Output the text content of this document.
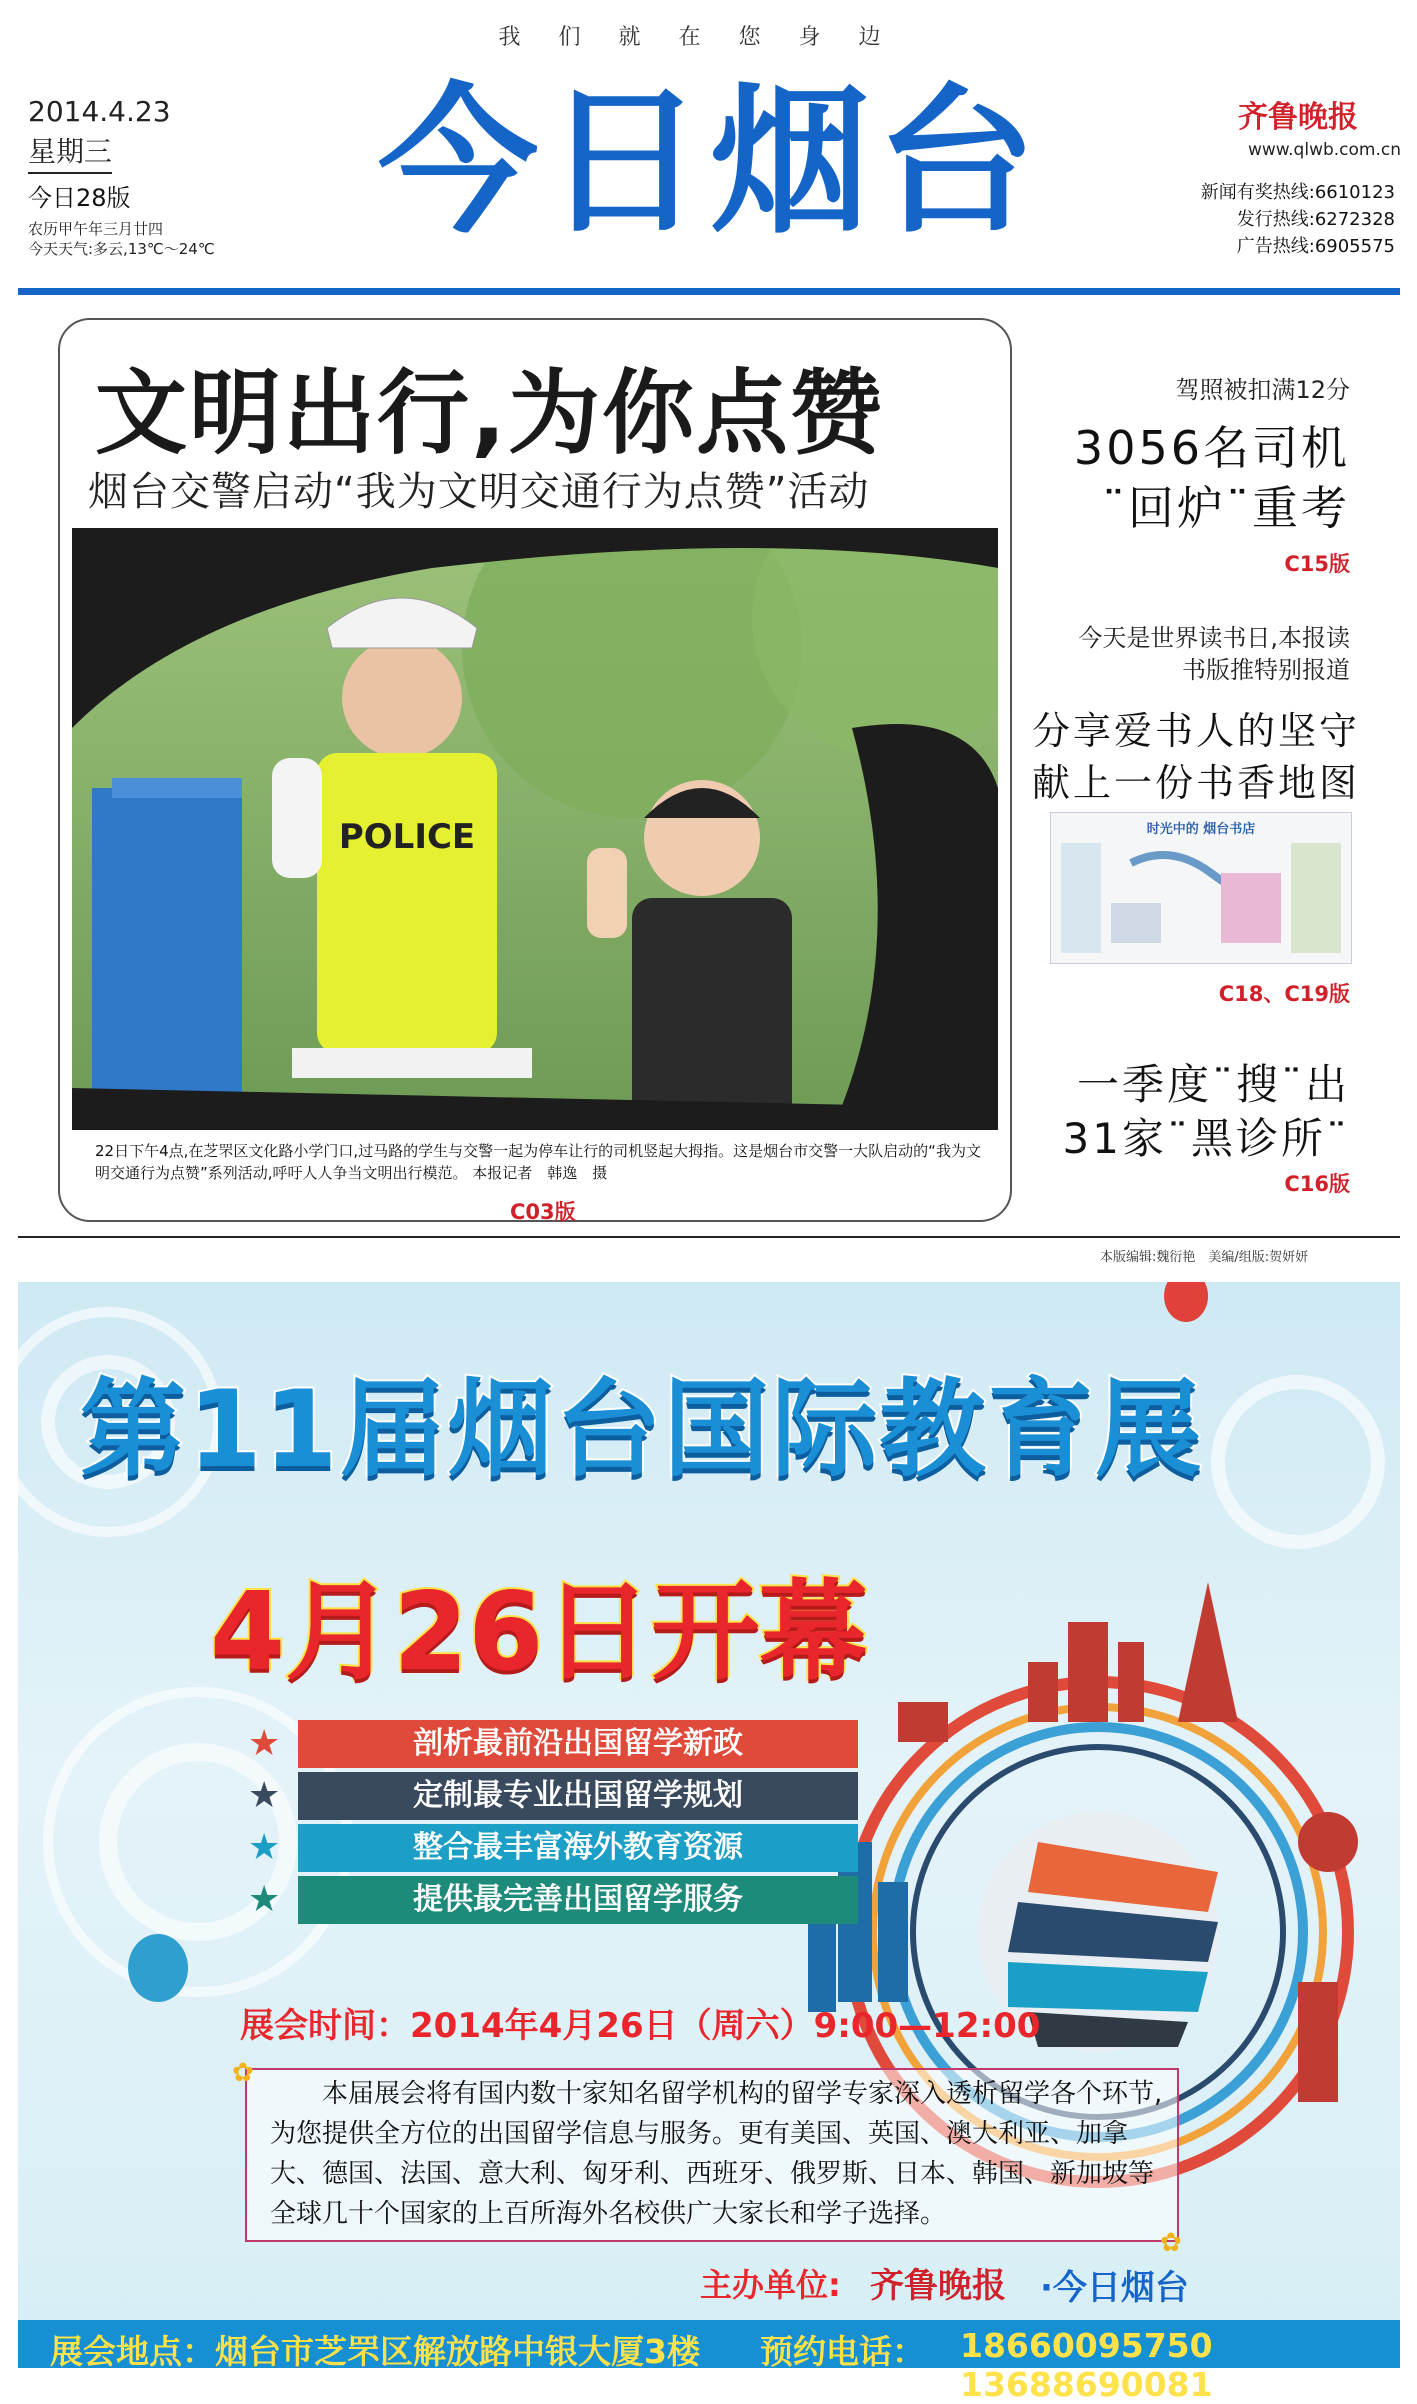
我们就在您身边
2014.4.23
星期三
今日28版
农历甲午年三月廿四
今天天气:多云,13℃～24℃ 今日烟台	齐鲁晚报
www.qlwb.com.cn
新闻有奖热线:6610123
发行热线:6272328
广告热线:6905575
文明出行,为你点赞
烟台交警启动“我为文明交通行为点赞”活动
POLICE
22日下午4点,在芝罘区文化路小学门口,过马路的学生与交警一起为停车让行的司机竖起大拇指。这是烟台市交警一大队启动的“我为文明交通行为点赞”系列活动,呼吁人人争当文明出行模范。 本报记者　韩逸　摄
C03版
驾照被扣满12分
3056名司机
¨回炉¨重考
C15版
今天是世界读书日,本报读书版推特别报道
分享爱书人的坚守
献上一份书香地图
时光中的 烟台书店
C18、C19版
一季度¨搜¨出
31家¨黑诊所¨
C16版
本版编辑:魏衍艳　美编/组版:贺妍妍
第11届烟台国际教育展
4月26日开幕
★	剖析最前沿出国留学新政
★	定制最专业出国留学规划
★	整合最丰富海外教育资源
★	提供最完善出国留学服务
展会时间：2014年4月26日（周六）9:00—12:00
本届展会将有国内数十家知名留学机构的留学专家深入透析留学各个环节,为您提供全方位的出国留学信息与服务。更有美国、英国、澳大利亚、加拿大、德国、法国、意大利、匈牙利、西班牙、俄罗斯、日本、韩国、新加坡等全球几十个国家的上百所海外名校供广大家长和学子选择。
✿
✿
主办单位: 齐鲁晚报 ·今日烟台
展会地点：烟台市芝罘区解放路中银大厦3楼 预约电话： 18660095750 13688690081
